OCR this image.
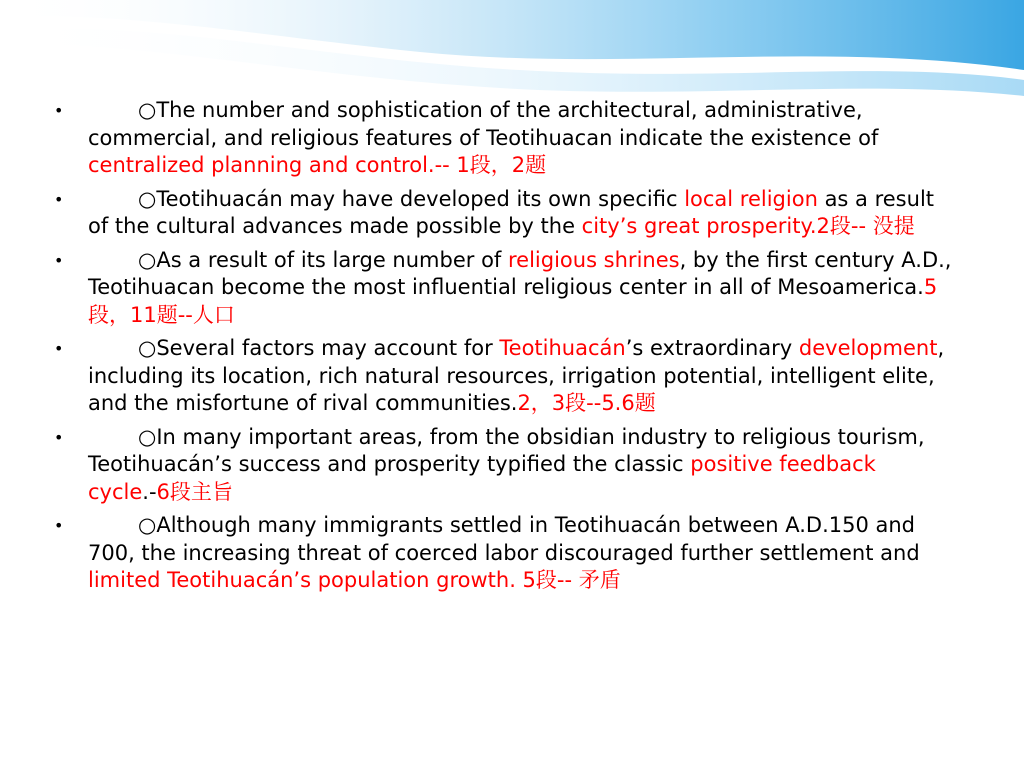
•	○The number and sophistication of the architectural, administrative, commercial, and religious features of Teotihuacan indicate the existence of centralized planning and control.-- 1段，2题
•	○Teotihuacán may have developed its own specific local religion as a result of the cultural advances made possible by the city’s great prosperity.2段-- 没提
•	○As a result of its large number of religious shrines, by the first century A.D., Teotihuacan become the most influential religious center in all of Mesoamerica.5段，11题--人口
•	○Several factors may account for Teotihuacán’s extraordinary development, including its location, rich natural resources, irrigation potential, intelligent elite, and the misfortune of rival communities.2，3段--5.6题
•	○In many important areas, from the obsidian industry to religious tourism, Teotihuacán’s success and prosperity typified the classic positive feedback cycle.-6段主旨
•	○Although many immigrants settled in Teotihuacán between A.D.150 and 700, the increasing threat of coerced labor discouraged further settlement and limited Teotihuacán’s population growth. 5段-- 矛盾
